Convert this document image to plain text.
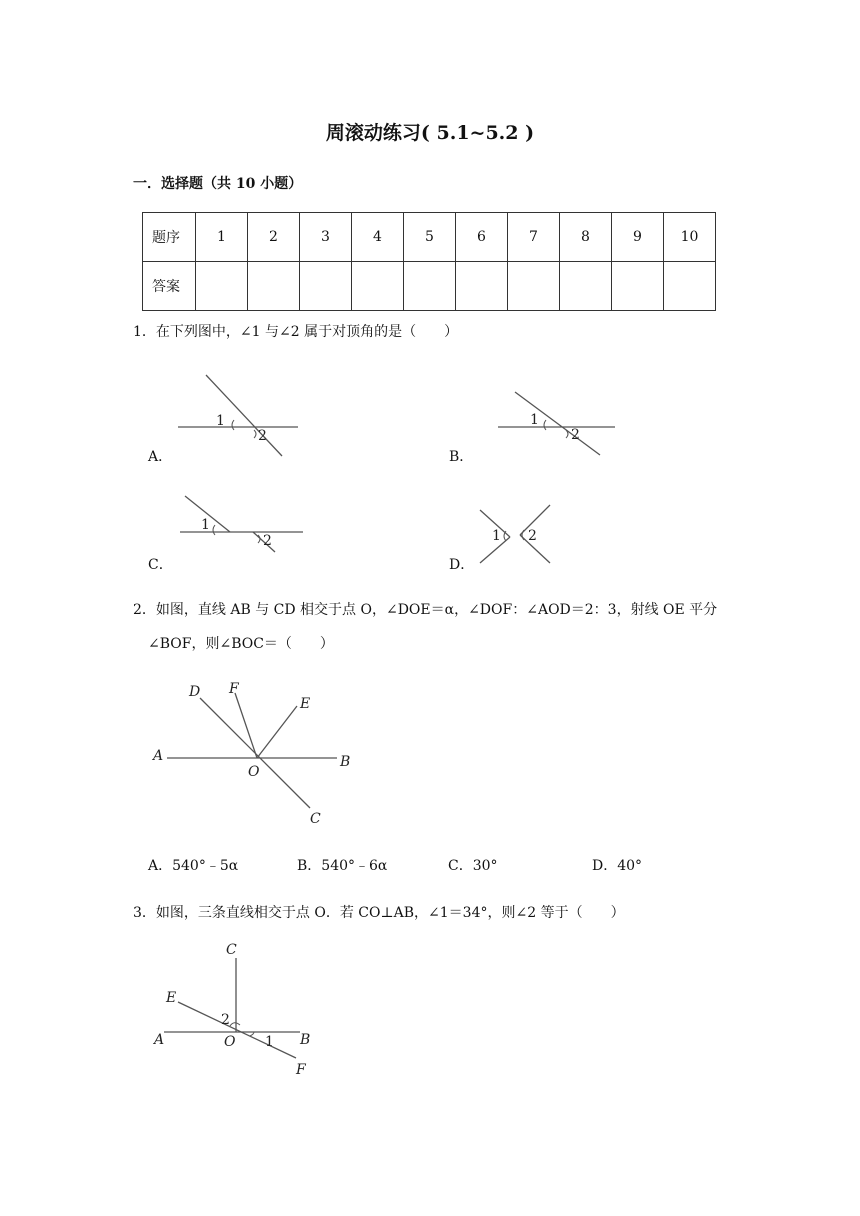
周滚动练习( 5.1~5.2 )
一．选择题（共 10 小题）
题序	1	2	3	4	5	6	7	8	9	10
答案										
1．在下列图中，∠1 与∠2 属于对顶角的是（　　）
1
2
A．
1
2
B．
1
2
C．
1 2
D．
2．如图，直线 AB 与 CD 相交于点 O，∠DOE＝α，∠DOF：∠AOD＝2：3，射线 OE 平分
∠BOF，则∠BOC＝（　　）
A	B
C
D
E
F
O
A．540°﹣5α	B．540°﹣6α	C．30°	D．40°
3．如图，三条直线相交于点 O．若 CO⊥AB，∠1＝34°，则∠2 等于（　　）
C
E
A	O	B
F
2
1
